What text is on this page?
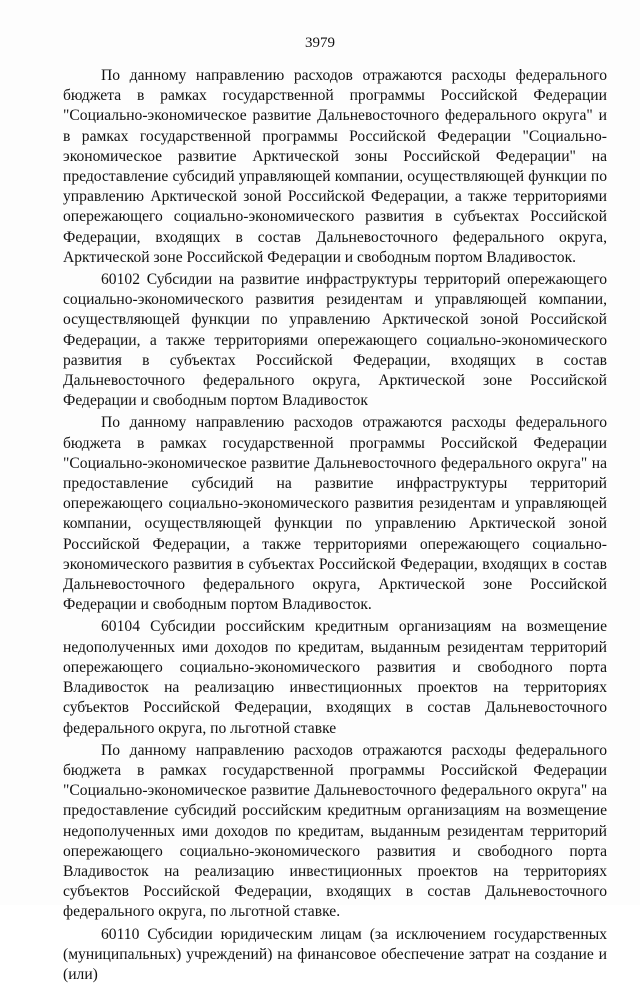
3979

По данному направлению расходов отражаются расходы федерального бюджета в рамках государственной программы Российской Федерации "Социально-экономическое развитие Дальневосточного федерального округа" и в рамках государственной программы Российской Федерации "Социально-экономическое развитие Арктической зоны Российской Федерации" на предоставление субсидий управляющей компании, осуществляющей функции по управлению Арктической зоной Российской Федерации, а также территориями опережающего социально-экономического развития в субъектах Российской Федерации, входящих в состав Дальневосточного федерального округа, Арктической зоне Российской Федерации и свободным портом Владивосток.

60102 Субсидии на развитие инфраструктуры территорий опережающего социально-экономического развития резидентам и управляющей компании, осуществляющей функции по управлению Арктической зоной Российской Федерации, а также территориями опережающего социально-экономического развития в субъектах Российской Федерации, входящих в состав Дальневосточного федерального округа, Арктической зоне Российской Федерации и свободным портом Владивосток

По данному направлению расходов отражаются расходы федерального бюджета в рамках государственной программы Российской Федерации "Социально-экономическое развитие Дальневосточного федерального округа" на предоставление субсидий на развитие инфраструктуры территорий опережающего социально-экономического развития резидентам и управляющей компании, осуществляющей функции по управлению Арктической зоной Российской Федерации, а также территориями опережающего социально-экономического развития в субъектах Российской Федерации, входящих в состав Дальневосточного федерального округа, Арктической зоне Российской Федерации и свободным портом Владивосток.

60104 Субсидии российским кредитным организациям на возмещение недополученных ими доходов по кредитам, выданным резидентам территорий опережающего социально-экономического развития и свободного порта Владивосток на реализацию инвестиционных проектов на территориях субъектов Российской Федерации, входящих в состав Дальневосточного федерального округа, по льготной ставке

По данному направлению расходов отражаются расходы федерального бюджета в рамках государственной программы Российской Федерации "Социально-экономическое развитие Дальневосточного федерального округа" на предоставление субсидий российским кредитным организациям на возмещение недополученных ими доходов по кредитам, выданным резидентам территорий опережающего социально-экономического развития и свободного порта Владивосток на реализацию инвестиционных проектов на территориях субъектов Российской Федерации, входящих в состав Дальневосточного федерального округа, по льготной ставке.

60110 Субсидии юридическим лицам (за исключением государственных (муниципальных) учреждений) на финансовое обеспечение затрат на создание и (или)
